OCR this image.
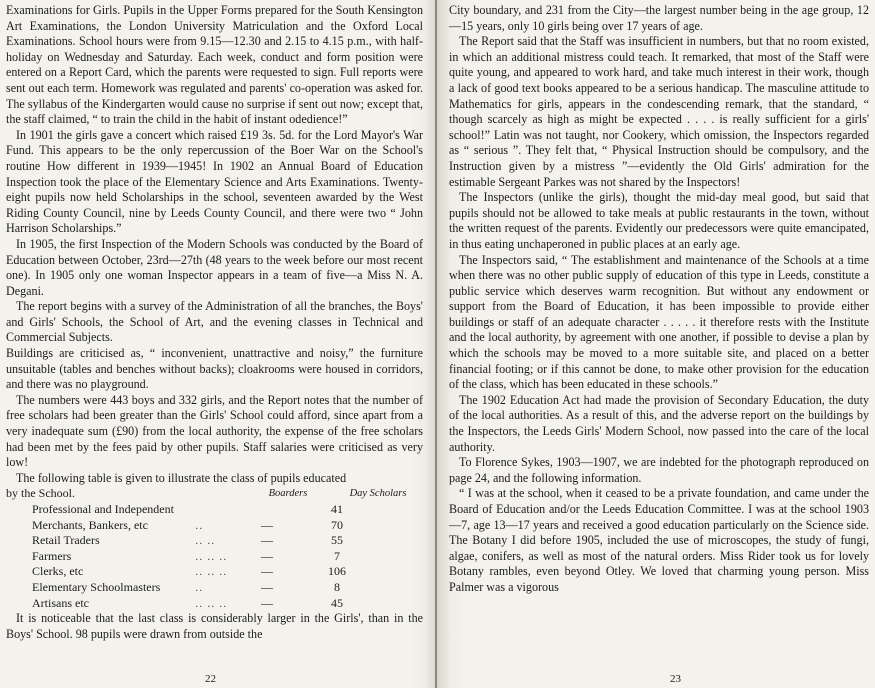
Examinations for Girls. Pupils in the Upper Forms prepared for the South Kensington Art Examinations, the London University Matriculation and the Oxford Local Examinations. School hours were from 9.15—12.30 and 2.15 to 4.15 p.m., with half-holiday on Wednesday and Saturday. Each week, conduct and form position were entered on a Report Card, which the parents were requested to sign. Full reports were sent out each term. Homework was regulated and parents' co-operation was asked for. The syllabus of the Kindergarten would cause no surprise if sent out now; except that, the staff claimed, “ to train the child in the habit of instant odedience!”

In 1901 the girls gave a concert which raised £19 3s. 5d. for the Lord Mayor's War Fund. This appears to be the only repercussion of the Boer War on the School's routine How different in 1939—1945! In 1902 an Annual Board of Education Inspection took the place of the Elementary Science and Arts Examinations. Twenty-eight pupils now held Scholarships in the school, seventeen awarded by the West Riding County Council, nine by Leeds County Council, and there were two “ John Harrison Scholarships.”

In 1905, the first Inspection of the Modern Schools was conducted by the Board of Education between October, 23rd—27th (48 years to the week before our most recent one). In 1905 only one woman Inspector appears in a team of five—a Miss N. A. Degani.

The report begins with a survey of the Administration of all the branches, the Boys' and Girls' Schools, the School of Art, and the evening classes in Technical and Commercial Subjects.

Buildings are criticised as, “ inconvenient, unattractive and noisy,” the furniture unsuitable (tables and benches without backs); cloakrooms were housed in corridors, and there was no playground.

The numbers were 443 boys and 332 girls, and the Report notes that the number of free scholars had been greater than the Girls' School could afford, since apart from a very inadequate sum (£90) from the local authority, the expense of the free scholars had been met by the fees paid by other pupils. Staff salaries were criticised as very low!

The following table is given to illustrate the class of pupils educated

by the School.	Boarders	Day Scholars
Professional and Independent			41
Merchants, Bankers, etc	..	—	70
Retail Traders	.. ..	—	55
Farmers	.. .. ..	—	7
Clerks, etc	.. .. ..	—	106
Elementary Schoolmasters	..	—	8
Artisans etc	.. .. ..	—	45

It is noticeable that the last class is considerably larger in the Girls', than in the Boys' School. 98 pupils were drawn from outside the

22

City boundary, and 231 from the City—the largest number being in the age group, 12—15 years, only 10 girls being over 17 years of age.

The Report said that the Staff was insufficient in numbers, but that no room existed, in which an additional mistress could teach. It remarked, that most of the Staff were quite young, and appeared to work hard, and take much interest in their work, though a lack of good text books appeared to be a serious handicap. The masculine attitude to Mathematics for girls, appears in the condescending remark, that the standard, “ though scarcely as high as might be expected . . . . is really sufficient for a girls' school!” Latin was not taught, nor Cookery, which omission, the Inspectors regarded as “ serious ”. They felt that, “ Physical Instruction should be compulsory, and the Instruction given by a mistress ”—evidently the Old Girls' admiration for the estimable Sergeant Parkes was not shared by the Inspectors!

The Inspectors (unlike the girls), thought the mid-day meal good, but said that pupils should not be allowed to take meals at public restaurants in the town, without the written request of the parents. Evidently our predecessors were quite emancipated, in thus eating unchaperoned in public places at an early age.

The Inspectors said, “ The establishment and maintenance of the Schools at a time when there was no other public supply of education of this type in Leeds, constitute a public service which deserves warm recognition. But without any endowment or support from the Board of Education, it has been impossible to provide either buildings or staff of an adequate character . . . . . it therefore rests with the Institute and the local authority, by agreement with one another, if possible to devise a plan by which the schools may be moved to a more suitable site, and placed on a better financial footing; or if this cannot be done, to make other provision for the education of the class, which has been educated in these schools.”

The 1902 Education Act had made the provision of Secondary Education, the duty of the local authorities. As a result of this, and the adverse report on the buildings by the Inspectors, the Leeds Girls' Modern School, now passed into the care of the local authority.

To Florence Sykes, 1903—1907, we are indebted for the photograph reproduced on page 24, and the following information.

“ I was at the school, when it ceased to be a private foundation, and came under the Board of Education and/or the Leeds Education Committee. I was at the school 1903—7, age 13—17 years and received a good education particularly on the Science side. The Botany I did before 1905, included the use of microscopes, the study of fungi, algae, conifers, as well as most of the natural orders. Miss Rider took us for lovely Botany rambles, even beyond Otley. We loved that charming young person. Miss Palmer was a vigorous

23
